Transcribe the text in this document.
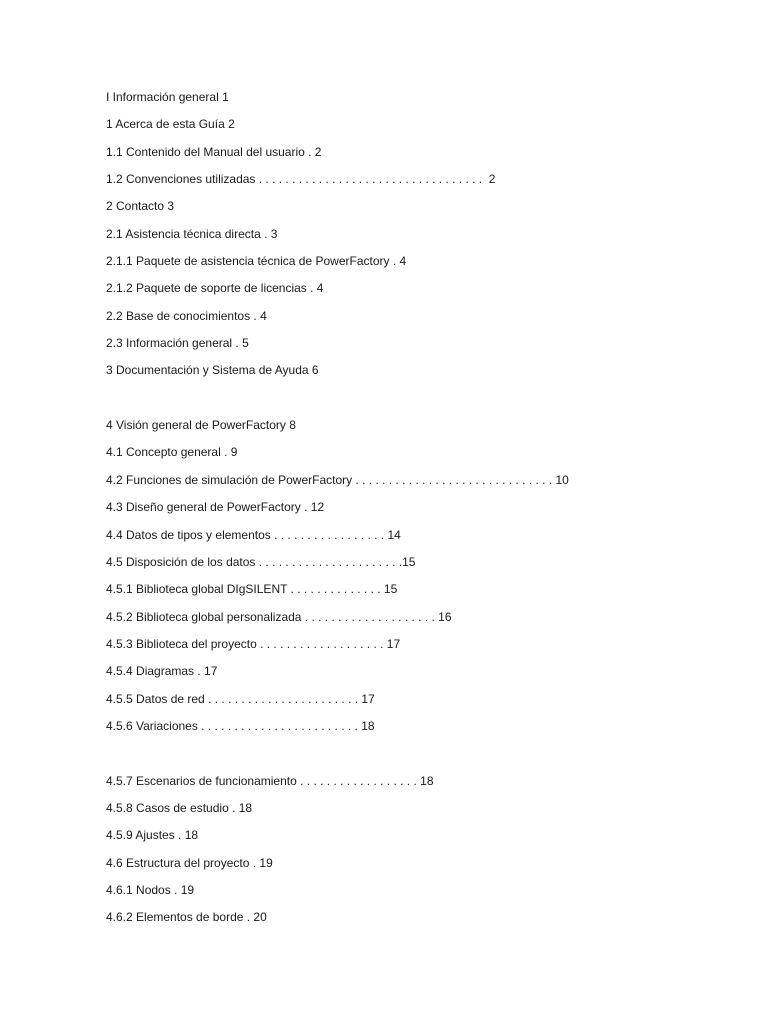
I Información general 1
1 Acerca de esta Guía 2
1.1 Contenido del Manual del usuario . 2
1.2 Convenciones utilizadas . . . . . . . . . . . . . . . . . . . . . . . . . . . . . . . . . .  2
2 Contacto 3
2.1 Asistencia técnica directa . 3
2.1.1 Paquete de asistencia técnica de PowerFactory . 4
2.1.2 Paquete de soporte de licencias . 4
2.2 Base de conocimientos . 4
2.3 Información general . 5
3 Documentación y Sistema de Ayuda 6
4 Visión general de PowerFactory 8
4.1 Concepto general . 9
4.2 Funciones de simulación de PowerFactory . . . . . . . . . . . . . . . . . . . . . . . . . . . . . . 10
4.3 Diseño general de PowerFactory . 12
4.4 Datos de tipos y elementos . . . . . . . . . . . . . . . . . 14
4.5 Disposición de los datos . . . . . . . . . . . . . . . . . . . . . .15
4.5.1 Biblioteca global DIgSILENT . . . . . . . . . . . . . . 15
4.5.2 Biblioteca global personalizada . . . . . . . . . . . . . . . . . . . . 16
4.5.3 Biblioteca del proyecto . . . . . . . . . . . . . . . . . . . 17
4.5.4 Diagramas . 17
4.5.5 Datos de red . . . . . . . . . . . . . . . . . . . . . . . 17
4.5.6 Variaciones . . . . . . . . . . . . . . . . . . . . . . . . 18
4.5.7 Escenarios de funcionamiento . . . . . . . . . . . . . . . . . . 18
4.5.8 Casos de estudio . 18
4.5.9 Ajustes . 18
4.6 Estructura del proyecto . 19
4.6.1 Nodos . 19
4.6.2 Elementos de borde . 20
